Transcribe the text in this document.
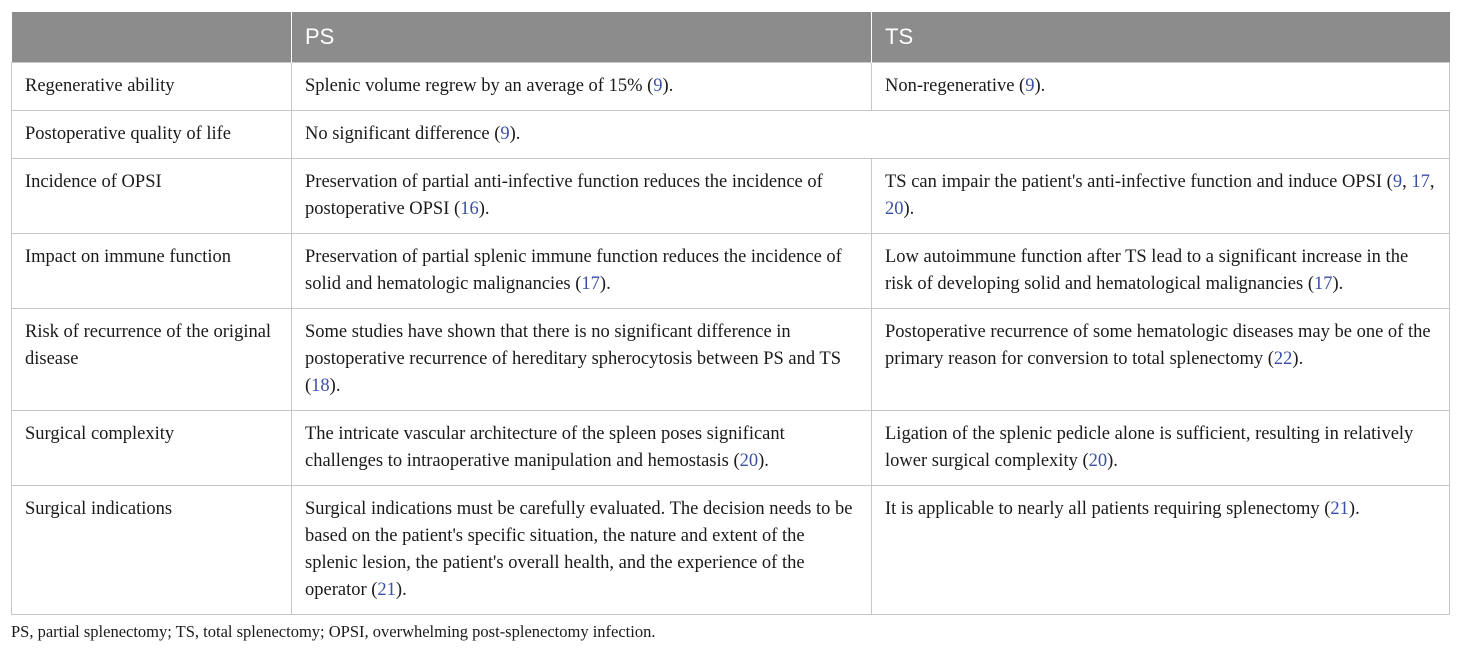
	PS	TS
Regenerative ability	Splenic volume regrew by an average of 15% (9).	Non-regenerative (9).
Postoperative quality of life	No significant difference (9).	
Incidence of OPSI	Preservation of partial anti-infective function reduces the incidence of postoperative OPSI (16).	TS can impair the patient's anti-infective function and induce OPSI (9, 17, 20).
Impact on immune function	Preservation of partial splenic immune function reduces the incidence of solid and hematologic malignancies (17).	Low autoimmune function after TS lead to a significant increase in the risk of developing solid and hematological malignancies (17).
Risk of recurrence of the original disease	Some studies have shown that there is no significant difference in postoperative recurrence of hereditary spherocytosis between PS and TS (18).	Postoperative recurrence of some hematologic diseases may be one of the primary reason for conversion to total splenectomy (22).
Surgical complexity	The intricate vascular architecture of the spleen poses significant challenges to intraoperative manipulation and hemostasis (20).	Ligation of the splenic pedicle alone is sufficient, resulting in relatively lower surgical complexity (20).
Surgical indications	Surgical indications must be carefully evaluated. The decision needs to be based on the patient's specific situation, the nature and extent of the splenic lesion, the patient's overall health, and the experience of the operator (21).	It is applicable to nearly all patients requiring splenectomy (21).
PS, partial splenectomy; TS, total splenectomy; OPSI, overwhelming post-splenectomy infection.
